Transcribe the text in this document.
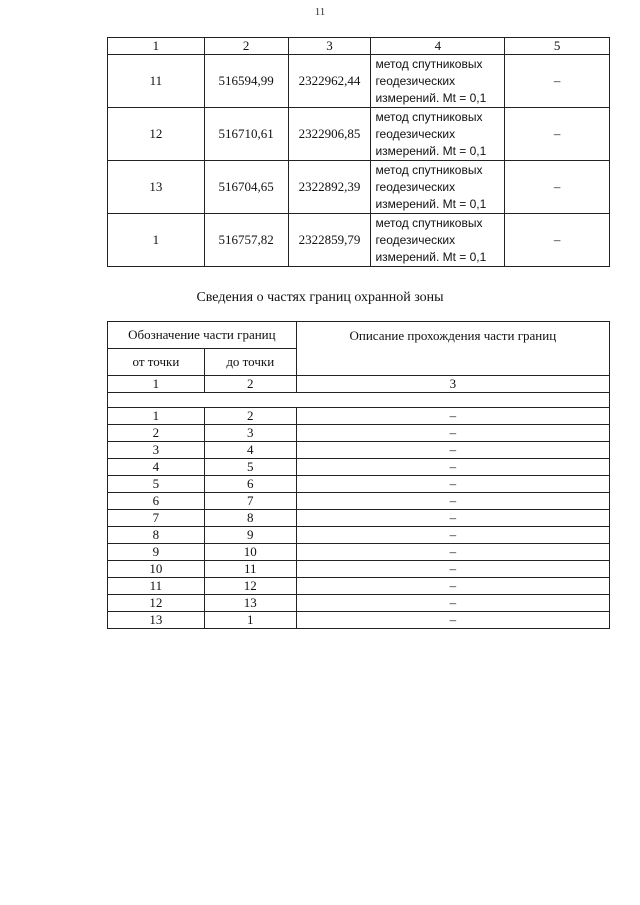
11
1	2	3	4	5
11	516594,99	2322962,44	метод спутниковых
геодезических
измерений. Mt = 0,1	–
12	516710,61	2322906,85	метод спутниковых
геодезических
измерений. Mt = 0,1	–
13	516704,65	2322892,39	метод спутниковых
геодезических
измерений. Mt = 0,1	–
1	516757,82	2322859,79	метод спутниковых
геодезических
измерений. Mt = 0,1	–
Сведения о частях границ охранной зоны
Обозначение части границ		Описание прохождения части границ
от точки	до точки	
1	2	3

1	2	–
2	3	–
3	4	–
4	5	–
5	6	–
6	7	–
7	8	–
8	9	–
9	10	–
10	11	–
11	12	–
12	13	–
13	1	–
